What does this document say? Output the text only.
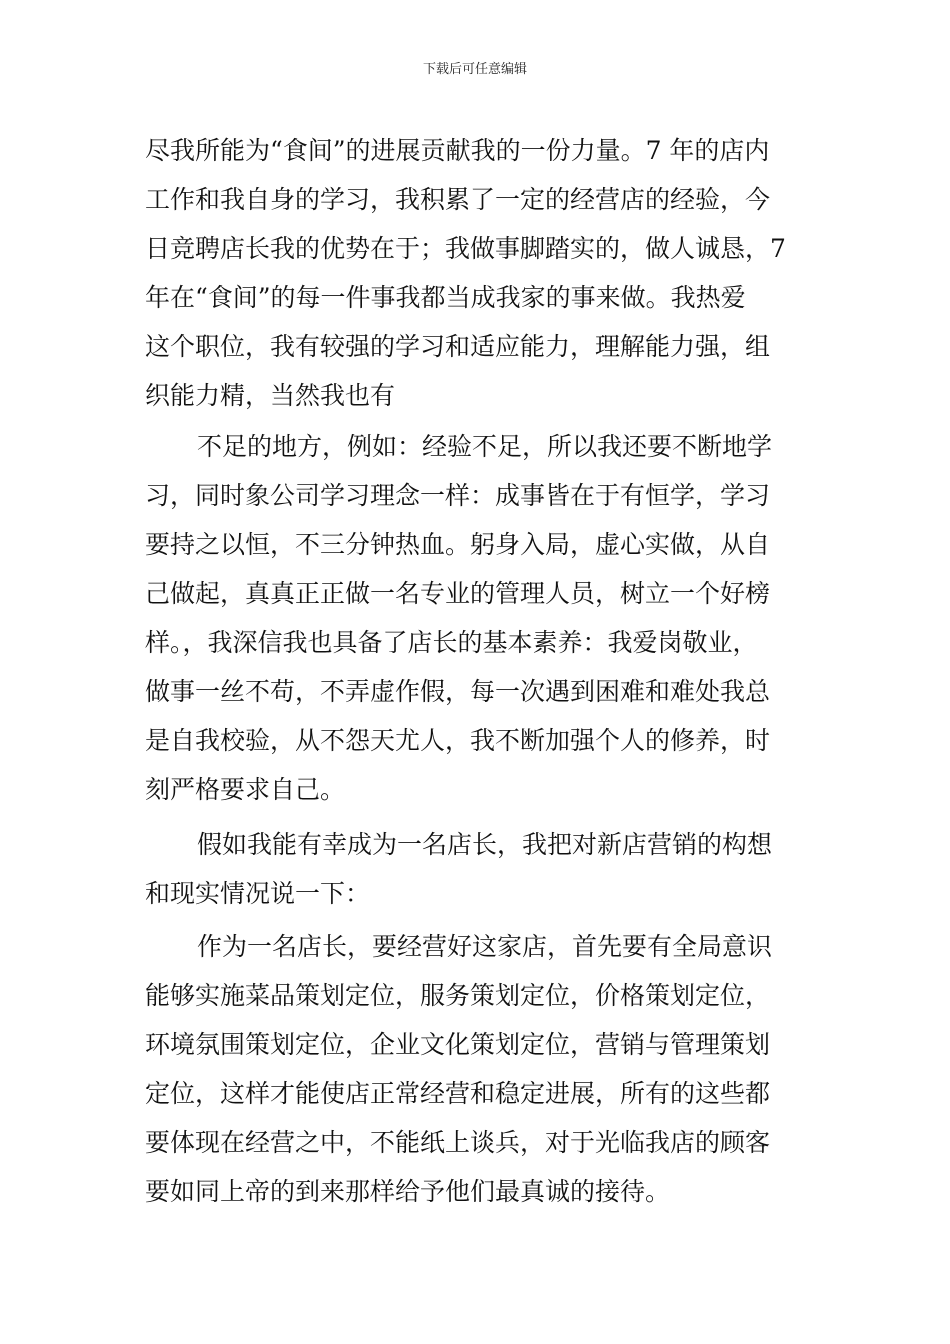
下载后可任意编辑
尽我所能为“食间”的进展贡献我的一份力量。7 年的店内
工作和我自身的学习，我积累了一定的经营店的经验，今
日竞聘店长我的优势在于；我做事脚踏实的，做人诚恳，7
年在“食间”的每一件事我都当成我家的事来做。我热爱
这个职位，我有较强的学习和适应能力，理解能力强，组
织能力精，当然我也有
不足的地方，例如：经验不足，所以我还要不断地学
习，同时象公司学习理念一样：成事皆在于有恒学，学习
要持之以恒，不三分钟热血。躬身入局，虚心实做，从自
己做起，真真正正做一名专业的管理人员，树立一个好榜
样。，我深信我也具备了店长的基本素养：我爱岗敬业，
做事一丝不苟，不弄虚作假，每一次遇到困难和难处我总
是自我校验，从不怨天尤人，我不断加强个人的修养，时
刻严格要求自己。
假如我能有幸成为一名店长，我把对新店营销的构想
和现实情况说一下：
作为一名店长，要经营好这家店，首先要有全局意识
能够实施菜品策划定位，服务策划定位，价格策划定位，
环境氛围策划定位，企业文化策划定位，营销与管理策划
定位，这样才能使店正常经营和稳定进展，所有的这些都
要体现在经营之中，不能纸上谈兵，对于光临我店的顾客
要如同上帝的到来那样给予他们最真诚的接待。
